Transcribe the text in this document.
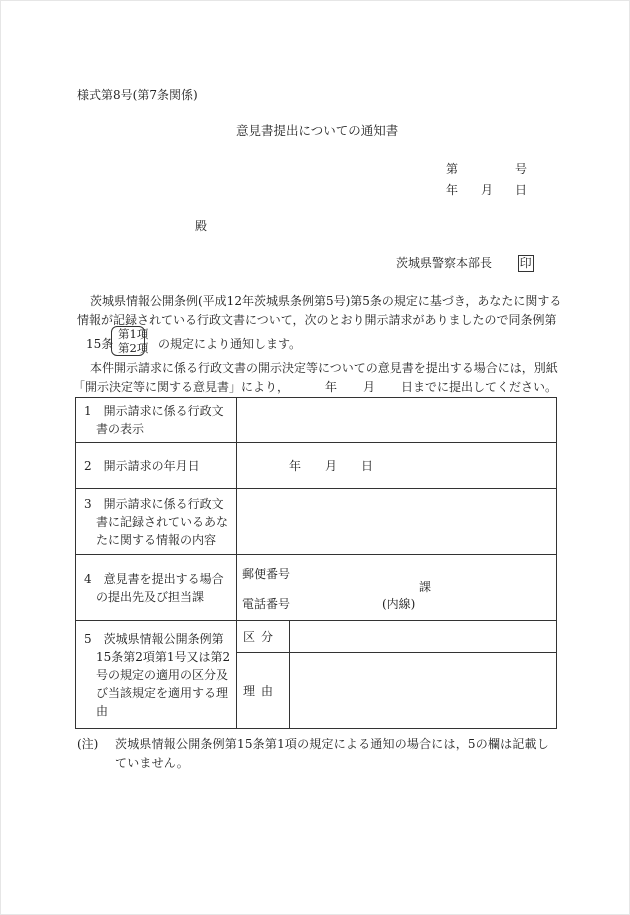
様式第8号(第7条関係)
意見書提出についての通知書
第	号
年 月 日
殿
茨城県警察本部長 印
茨城県情報公開条例(平成12年茨城県条例第5号)第5条の規定に基づき，あなたに関する
情報が記録されている行政文書について，次のとおり開示請求がありましたので同条例第
15条
第1項
第2項 の規定により通知します。
本件開示請求に係る行政文書の開示決定等についての意見書を提出する場合には，別紙
「開示決定等に関する意見書」により，	年 月 日までに提出してください。
1　開示請求に係る行政文書の表示		

2　開示請求の年月日	年 月 日	

3　開示請求に係る行政文書に記録されているあなたに関する情報の内容		

4　意見書を提出する場合の提出先及び担当課	郵便番号
課
電話番号 (内線)	

5　茨城県情報公開条例第15条第2項第1号又は第2号の規定の適用の区分及び当該規定を適用する理由	区分	
	理由	
(注) 茨城県情報公開条例第15条第1項の規定による通知の場合には，5の欄は記載していません。
